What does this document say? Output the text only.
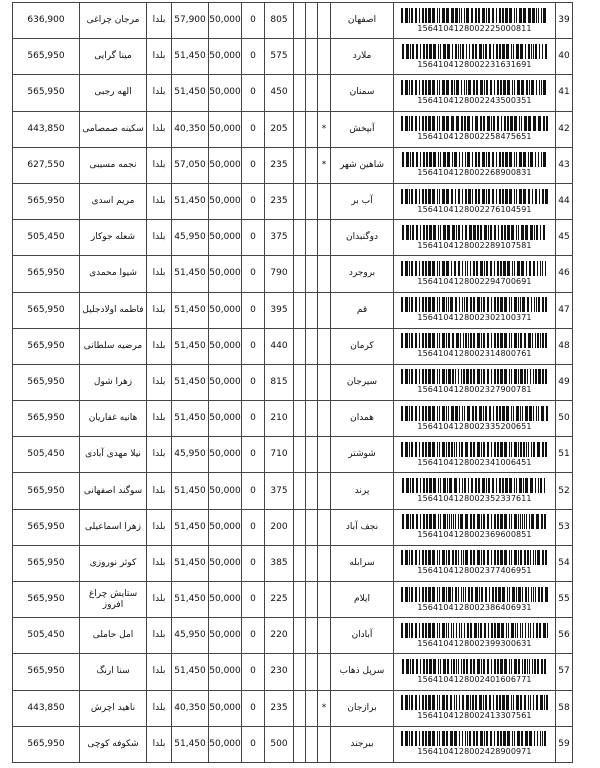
636,900	مرجان چراغی	بلدا	57,900	50,000	0	805				اصفهان	1564104128002225000811	39
565,950	مینا گرایی	بلدا	51,450	50,000	0	575				ملارد	1564104128002231631691	40
565,950	الهه رجبی	بلدا	51,450	50,000	0	450				سمنان	1564104128002243500351	41
443,850	سکینه صمصامی	بلدا	40,350	50,000	0	205			*	آبپخش	1564104128002258475651	42
627,550	نجمه مسیبی	بلدا	57,050	50,000	0	235			*	شاهین شهر	1564104128002268900831	43
565,950	مریم اسدی	بلدا	51,450	50,000	0	235				آب بر	1564104128002276104591	44
505,450	شعله جوکار	بلدا	45,950	50,000	0	375				دوگنبدان	1564104128002289107581	45
565,950	شیوا محمدی	بلدا	51,450	50,000	0	790				بروجرد	1564104128002294700691	46
565,950	فاطمه اولادجلیل	بلدا	51,450	50,000	0	395				قم	1564104128002302100371	47
565,950	مرضیه سلطانی	بلدا	51,450	50,000	0	440				کرمان	1564104128002314800761	48
565,950	زهرا شول	بلدا	51,450	50,000	0	815				سیرجان	1564104128002327900781	49
565,950	هانیه غفاریان	بلدا	51,450	50,000	0	210				همدان	1564104128002335200651	50
505,450	نیلا مهدی آبادی	بلدا	45,950	50,000	0	710				شوشتر	1564104128002341006451	51
565,950	سوگند اصفهانی	بلدا	51,450	50,000	0	375				پرند	1564104128002352337611	52
565,950	زهرا اسماعیلی	بلدا	51,450	50,000	0	200				نجف آباد	1564104128002369600851	53
565,950	کوثر نوروزی	بلدا	51,450	50,000	0	385				سرابله	1564104128002377406951	54
565,950	ستایش چراغ افروز	بلدا	51,450	50,000	0	225				ایلام	1564104128002386406931	55
505,450	امل حاملی	بلدا	45,950	50,000	0	220				آبادان	1564104128002399300631	56
565,950	سنا ارنگ	بلدا	51,450	50,000	0	230				سرپل ذهاب	1564104128002401606771	57
443,850	ناهید اچرش	بلدا	40,350	50,000	0	235			*	برازجان	1564104128002413307561	58
565,950	شکوفه کوچی	بلدا	51,450	50,000	0	500				بیرجند	1564104128002428900971	59
